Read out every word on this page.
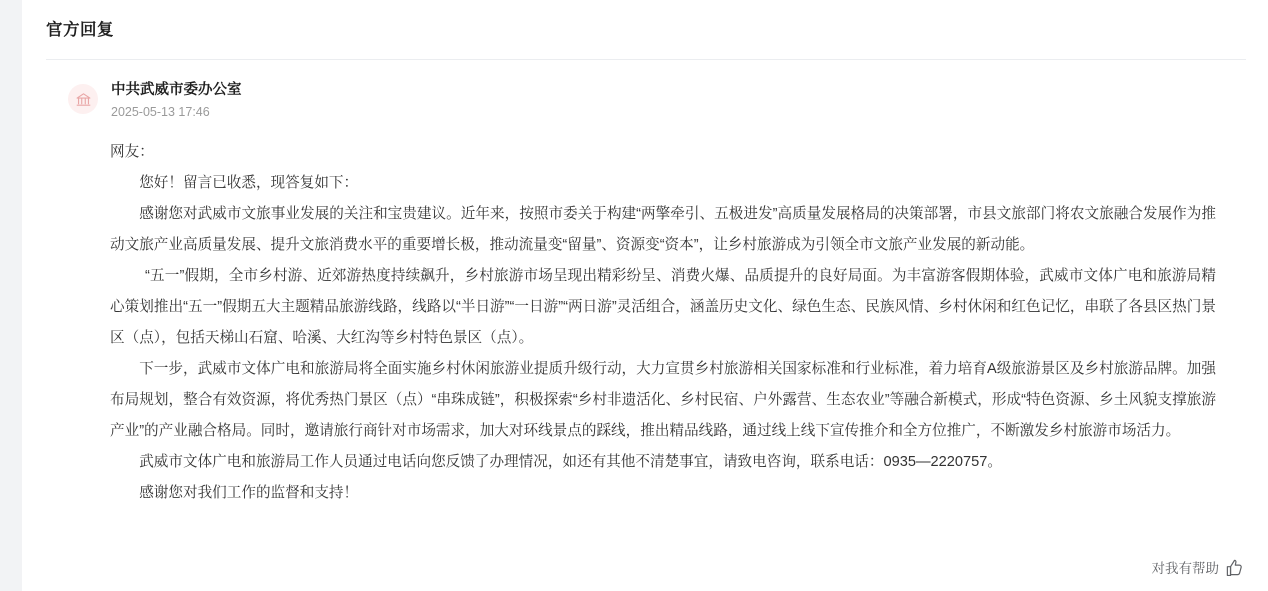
官方回复
中共武威市委办公室
2025-05-13 17:46

网友：

您好！留言已收悉，现答复如下：

感谢您对武威市文旅事业发展的关注和宝贵建议。近年来，按照市委关于构建“两擎牵引、五极进发”高质量发展格局的决策部署，市县文旅部门将农文旅融合发展作为推动文旅产业高质量发展、提升文旅消费水平的重要增长极，推动流量变“留量”、资源变“资本”，让乡村旅游成为引领全市文旅产业发展的新动能。

“五一”假期，全市乡村游、近郊游热度持续飙升，乡村旅游市场呈现出精彩纷呈、消费火爆、品质提升的良好局面。为丰富游客假期体验，武威市文体广电和旅游局精心策划推出“五一”假期五大主题精品旅游线路，线路以“半日游”“一日游”“两日游”灵活组合，涵盖历史文化、绿色生态、民族风情、乡村休闲和红色记忆，串联了各县区热门景区（点），包括天梯山石窟、哈溪、大红沟等乡村特色景区（点）。

下一步，武威市文体广电和旅游局将全面实施乡村休闲旅游业提质升级行动，大力宣贯乡村旅游相关国家标准和行业标准，着力培育A级旅游景区及乡村旅游品牌。加强布局规划，整合有效资源，将优秀热门景区（点）“串珠成链”，积极探索“乡村非遗活化、乡村民宿、户外露营、生态农业”等融合新模式，形成“特色资源、乡土风貌支撑旅游产业”的产业融合格局。同时，邀请旅行商针对市场需求，加大对环线景点的踩线，推出精品线路，通过线上线下宣传推介和全方位推广，不断激发乡村旅游市场活力。

武威市文体广电和旅游局工作人员通过电话向您反馈了办理情况，如还有其他不清楚事宜，请致电咨询，联系电话：0935—2220757。

感谢您对我们工作的监督和支持！

对我有帮助
